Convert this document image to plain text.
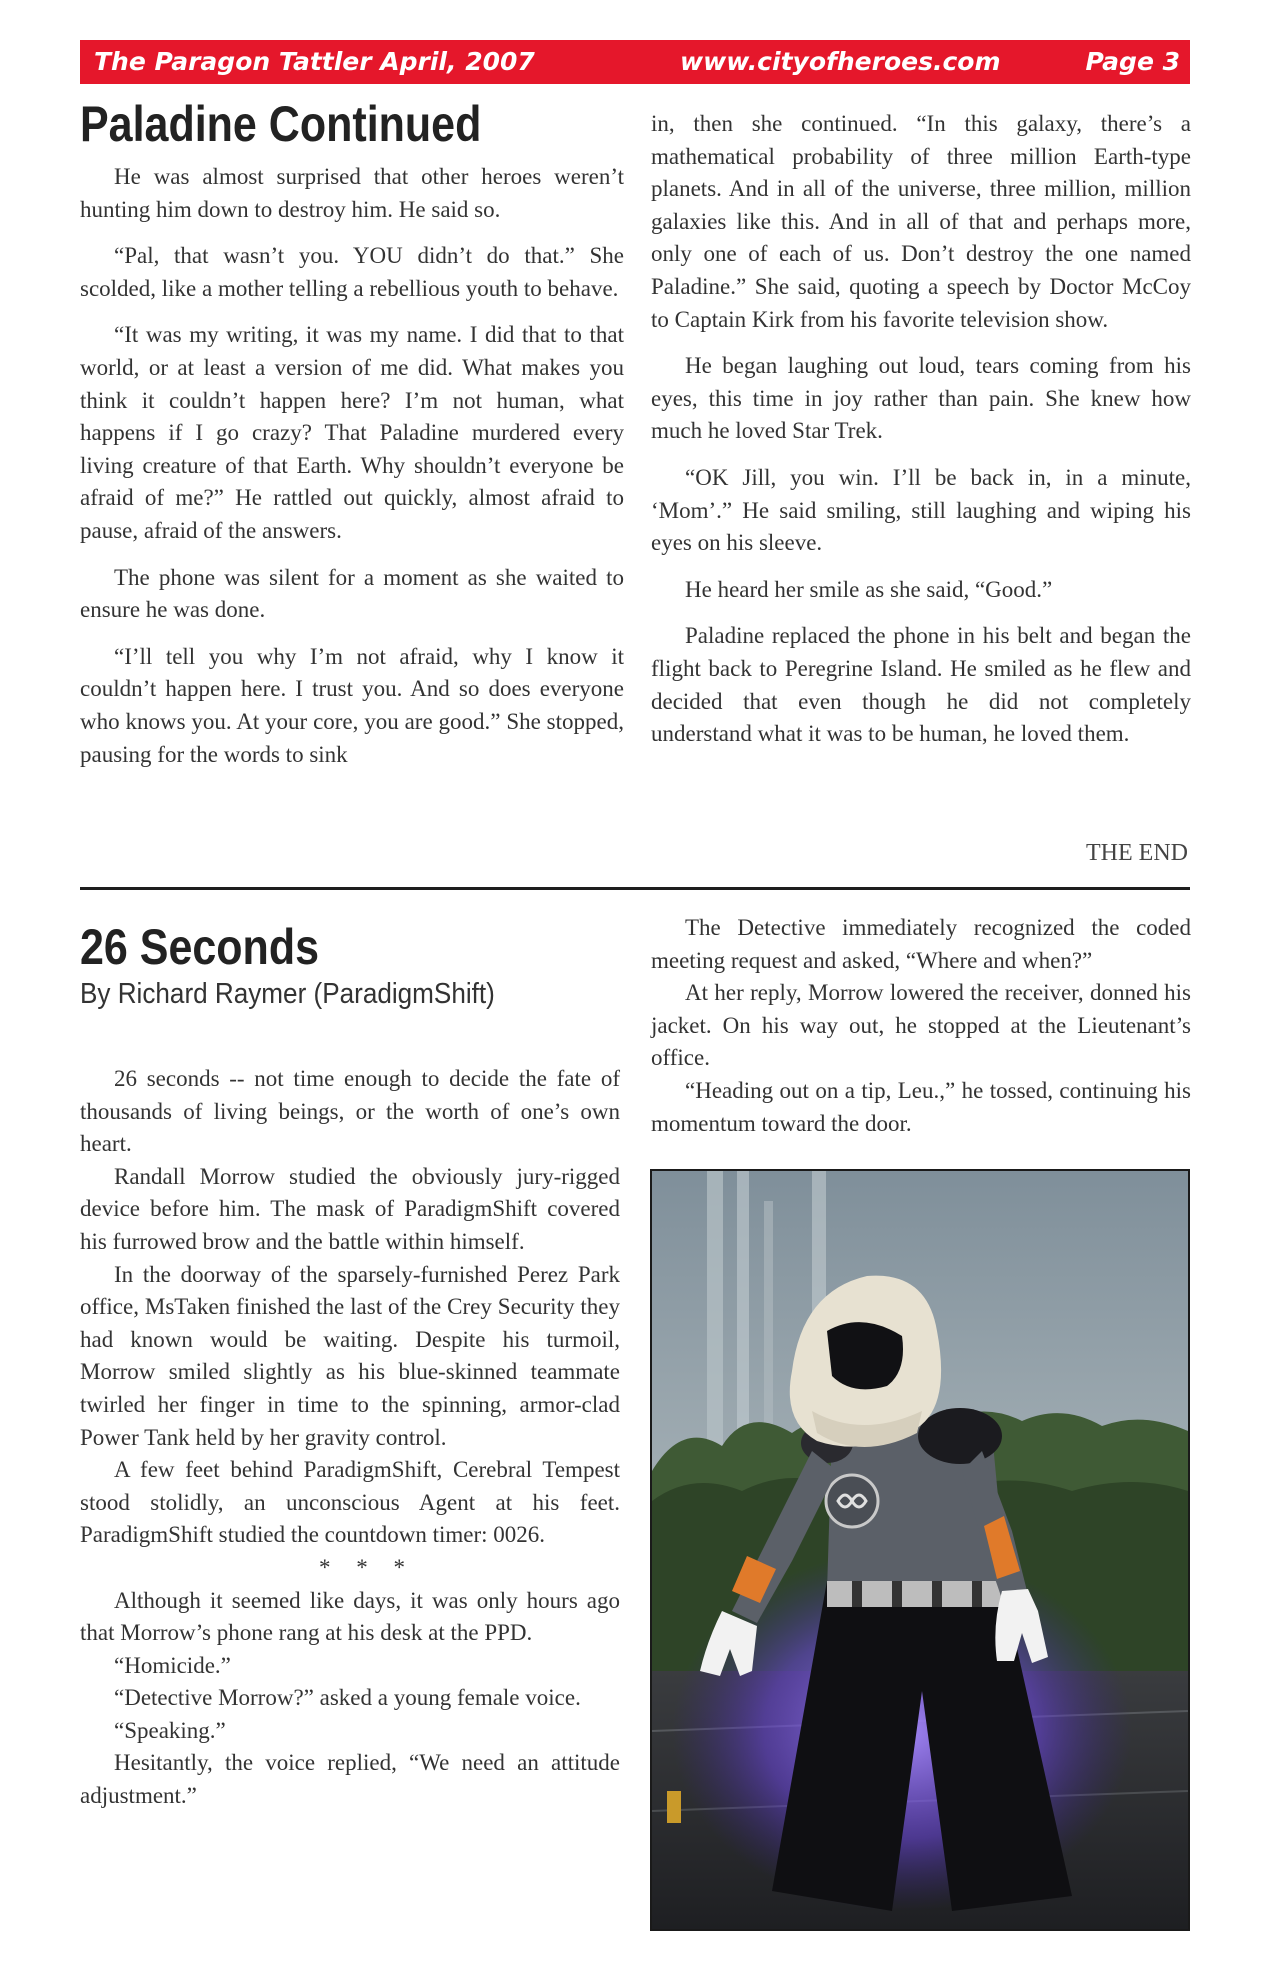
The Paragon Tattler April, 2007	www.cityofheroes.com	Page 3
Paladine Continued

He was almost surprised that other heroes weren’t hunting him down to destroy him. He said so.

“Pal, that wasn’t you. YOU didn’t do that.” She scolded, like a mother telling a rebellious youth to behave.

“It was my writing, it was my name. I did that to that world, or at least a version of me did. What makes you think it couldn’t happen here? I’m not human, what happens if I go crazy? That Paladine murdered every living creature of that Earth. Why shouldn’t everyone be afraid of me?” He rattled out quickly, almost afraid to pause, afraid of the answers.

The phone was silent for a moment as she waited to ensure he was done.

“I’ll tell you why I’m not afraid, why I know it couldn’t happen here. I trust you. And so does everyone who knows you. At your core, you are good.” She stopped, pausing for the words to sink

in, then she continued. “In this galaxy, there’s a mathematical probability of three million Earth-type planets. And in all of the universe, three million, million galaxies like this. And in all of that and perhaps more, only one of each of us. Don’t destroy the one named Paladine.” She said, quoting a speech by Doctor McCoy to Captain Kirk from his favorite television show.

He began laughing out loud, tears coming from his eyes, this time in joy rather than pain. She knew how much he loved Star Trek.

“OK Jill, you win. I’ll be back in, in a minute, ‘Mom’.” He said smiling, still laughing and wiping his eyes on his sleeve.

He heard her smile as she said, “Good.”

Paladine replaced the phone in his belt and began the flight back to Peregrine Island. He smiled as he flew and decided that even though he did not completely understand what it was to be human, he loved them.

THE END
26 Seconds
By Richard Raymer (ParadigmShift)

26 seconds -- not time enough to decide the fate of thousands of living beings, or the worth of one’s own heart.

Randall Morrow studied the obviously jury-rigged device before him. The mask of ParadigmShift covered his furrowed brow and the battle within himself.

In the doorway of the sparsely-furnished Perez Park office, MsTaken finished the last of the Crey Security they had known would be waiting. Despite his turmoil, Morrow smiled slightly as his blue-skinned teammate twirled her finger in time to the spinning, armor-clad Power Tank held by her gravity control.

A few feet behind ParadigmShift, Cerebral Tempest stood stolidly, an unconscious Agent at his feet. ParadigmShift studied the countdown timer: 0026.

* * *

Although it seemed like days, it was only hours ago that Morrow’s phone rang at his desk at the PPD.

“Homicide.”

“Detective Morrow?” asked a young female voice.

“Speaking.”

Hesitantly, the voice replied, “We need an attitude adjustment.”

The Detective immediately recognized the coded meeting request and asked, “Where and when?”

At her reply, Morrow lowered the receiver, donned his jacket. On his way out, he stopped at the Lieutenant’s office.

“Heading out on a tip, Leu.,” he tossed, continuing his momentum toward the door.
